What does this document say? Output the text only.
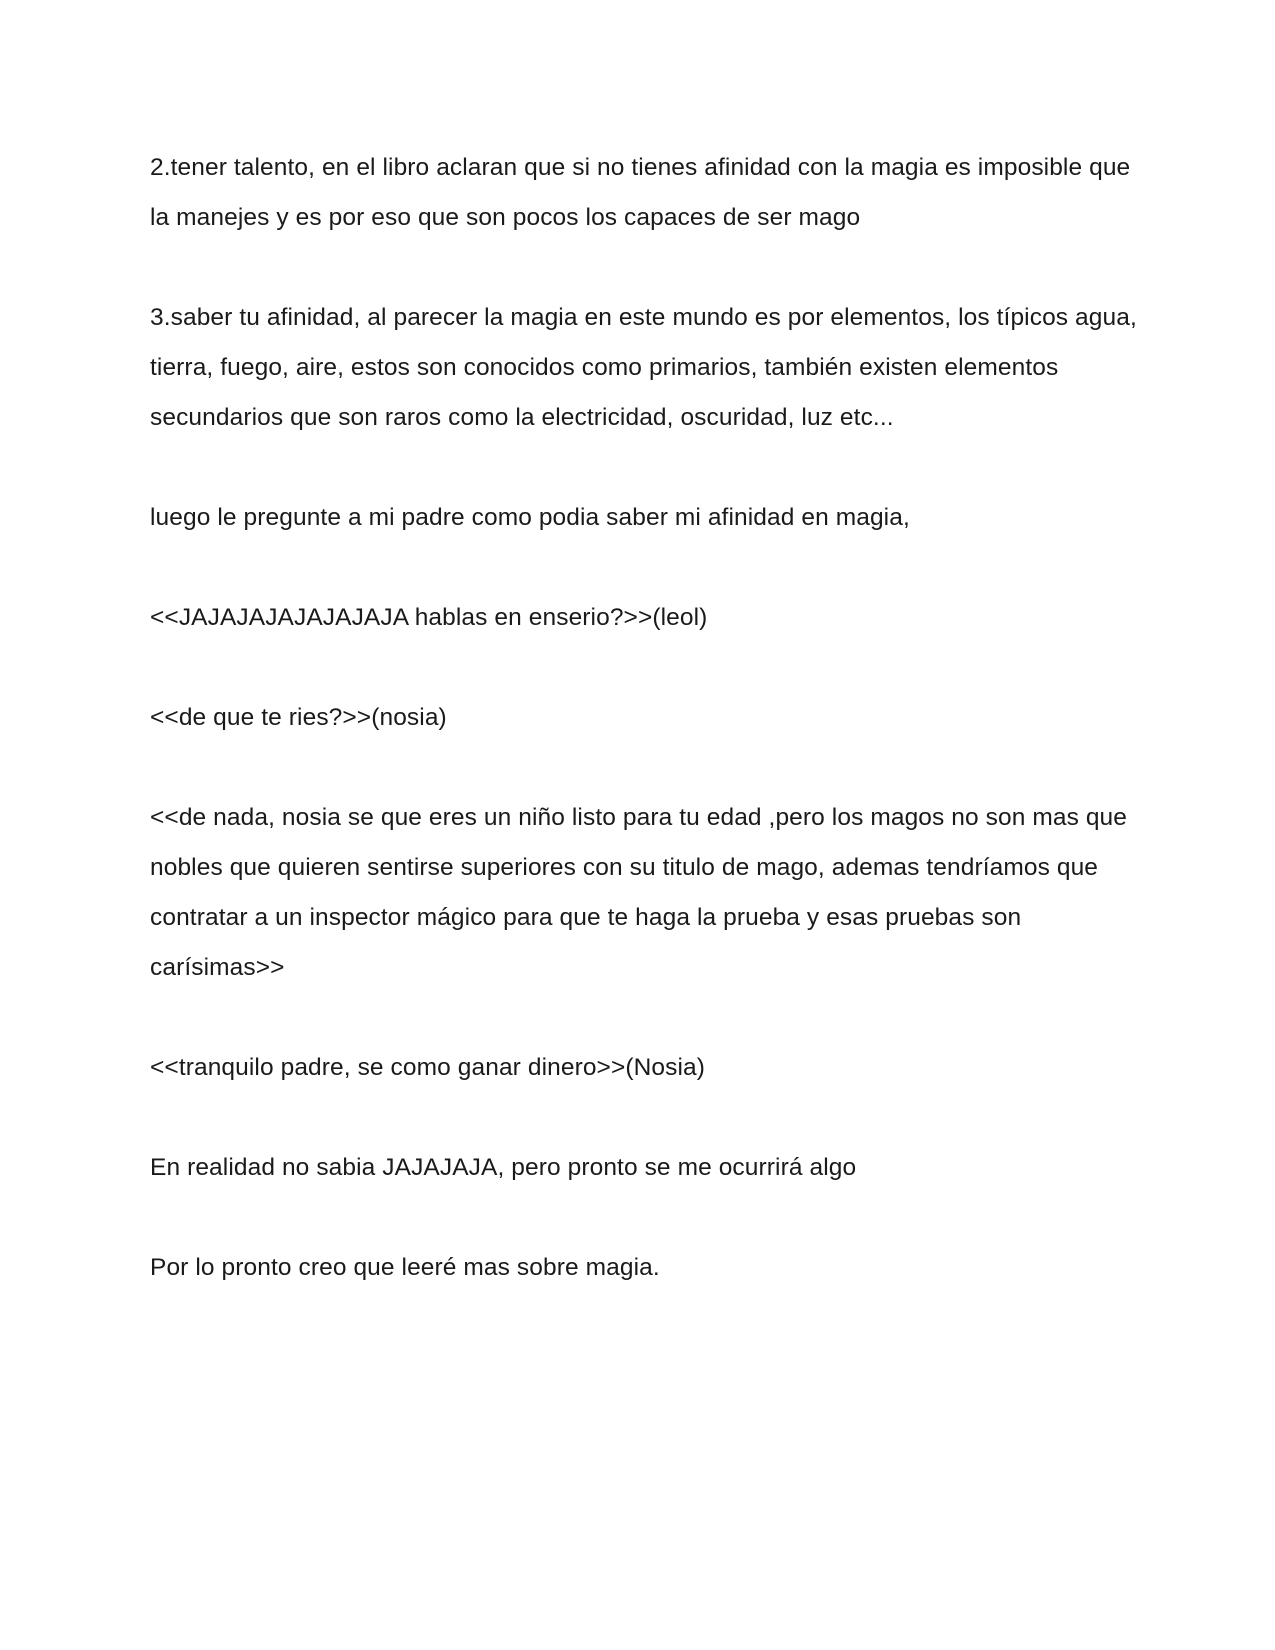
2.tener talento, en el libro aclaran que si no tienes afinidad con la magia es imposible que la manejes y es por eso que son pocos los capaces de ser mago

3.saber tu afinidad, al parecer la magia en este mundo es por elementos, los típicos agua, tierra, fuego, aire, estos son conocidos como primarios, también existen elementos secundarios que son raros como la electricidad, oscuridad, luz etc...

luego le pregunte a mi padre como podia saber mi afinidad en magia,

<<JAJAJAJAJAJAJAJA hablas en enserio?>>(leol)

<<de que te ries?>>(nosia)

<<de nada, nosia se que eres un niño listo para tu edad ,pero los magos no son mas que nobles que quieren sentirse superiores con su titulo de mago, ademas tendríamos que contratar a un inspector mágico para que te haga la prueba y esas pruebas son carísimas>>

<<tranquilo padre, se como ganar dinero>>(Nosia)

En realidad no sabia JAJAJAJA, pero pronto se me ocurrirá algo

Por lo pronto creo que leeré mas sobre magia.
